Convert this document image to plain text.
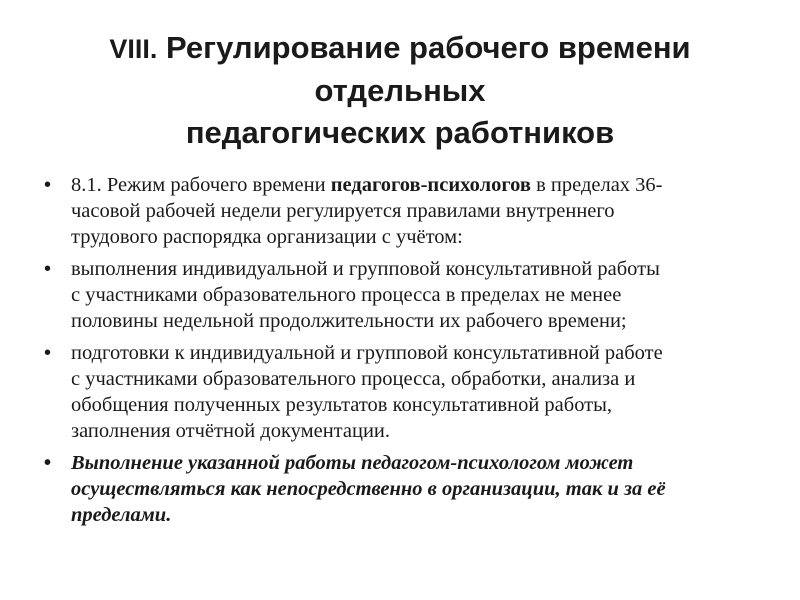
VIII. Регулирование рабочего времени
отдельных
педагогических работников
• 8.1. Режим рабочего времени педагогов-психологов в пределах 36-
часовой рабочей недели регулируется правилами внутреннего
трудового распорядка организации с учётом:
• выполнения индивидуальной и групповой консультативной работы
с участниками образовательного процесса в пределах не менее
половины недельной продолжительности их рабочего времени;
• подготовки к индивидуальной и групповой консультативной работе
с участниками образовательного процесса, обработки, анализа и
обобщения полученных результатов консультативной работы,
заполнения отчётной документации.
• Выполнение указанной работы педагогом-психологом может
осуществляться как непосредственно в организации, так и за её
пределами.
